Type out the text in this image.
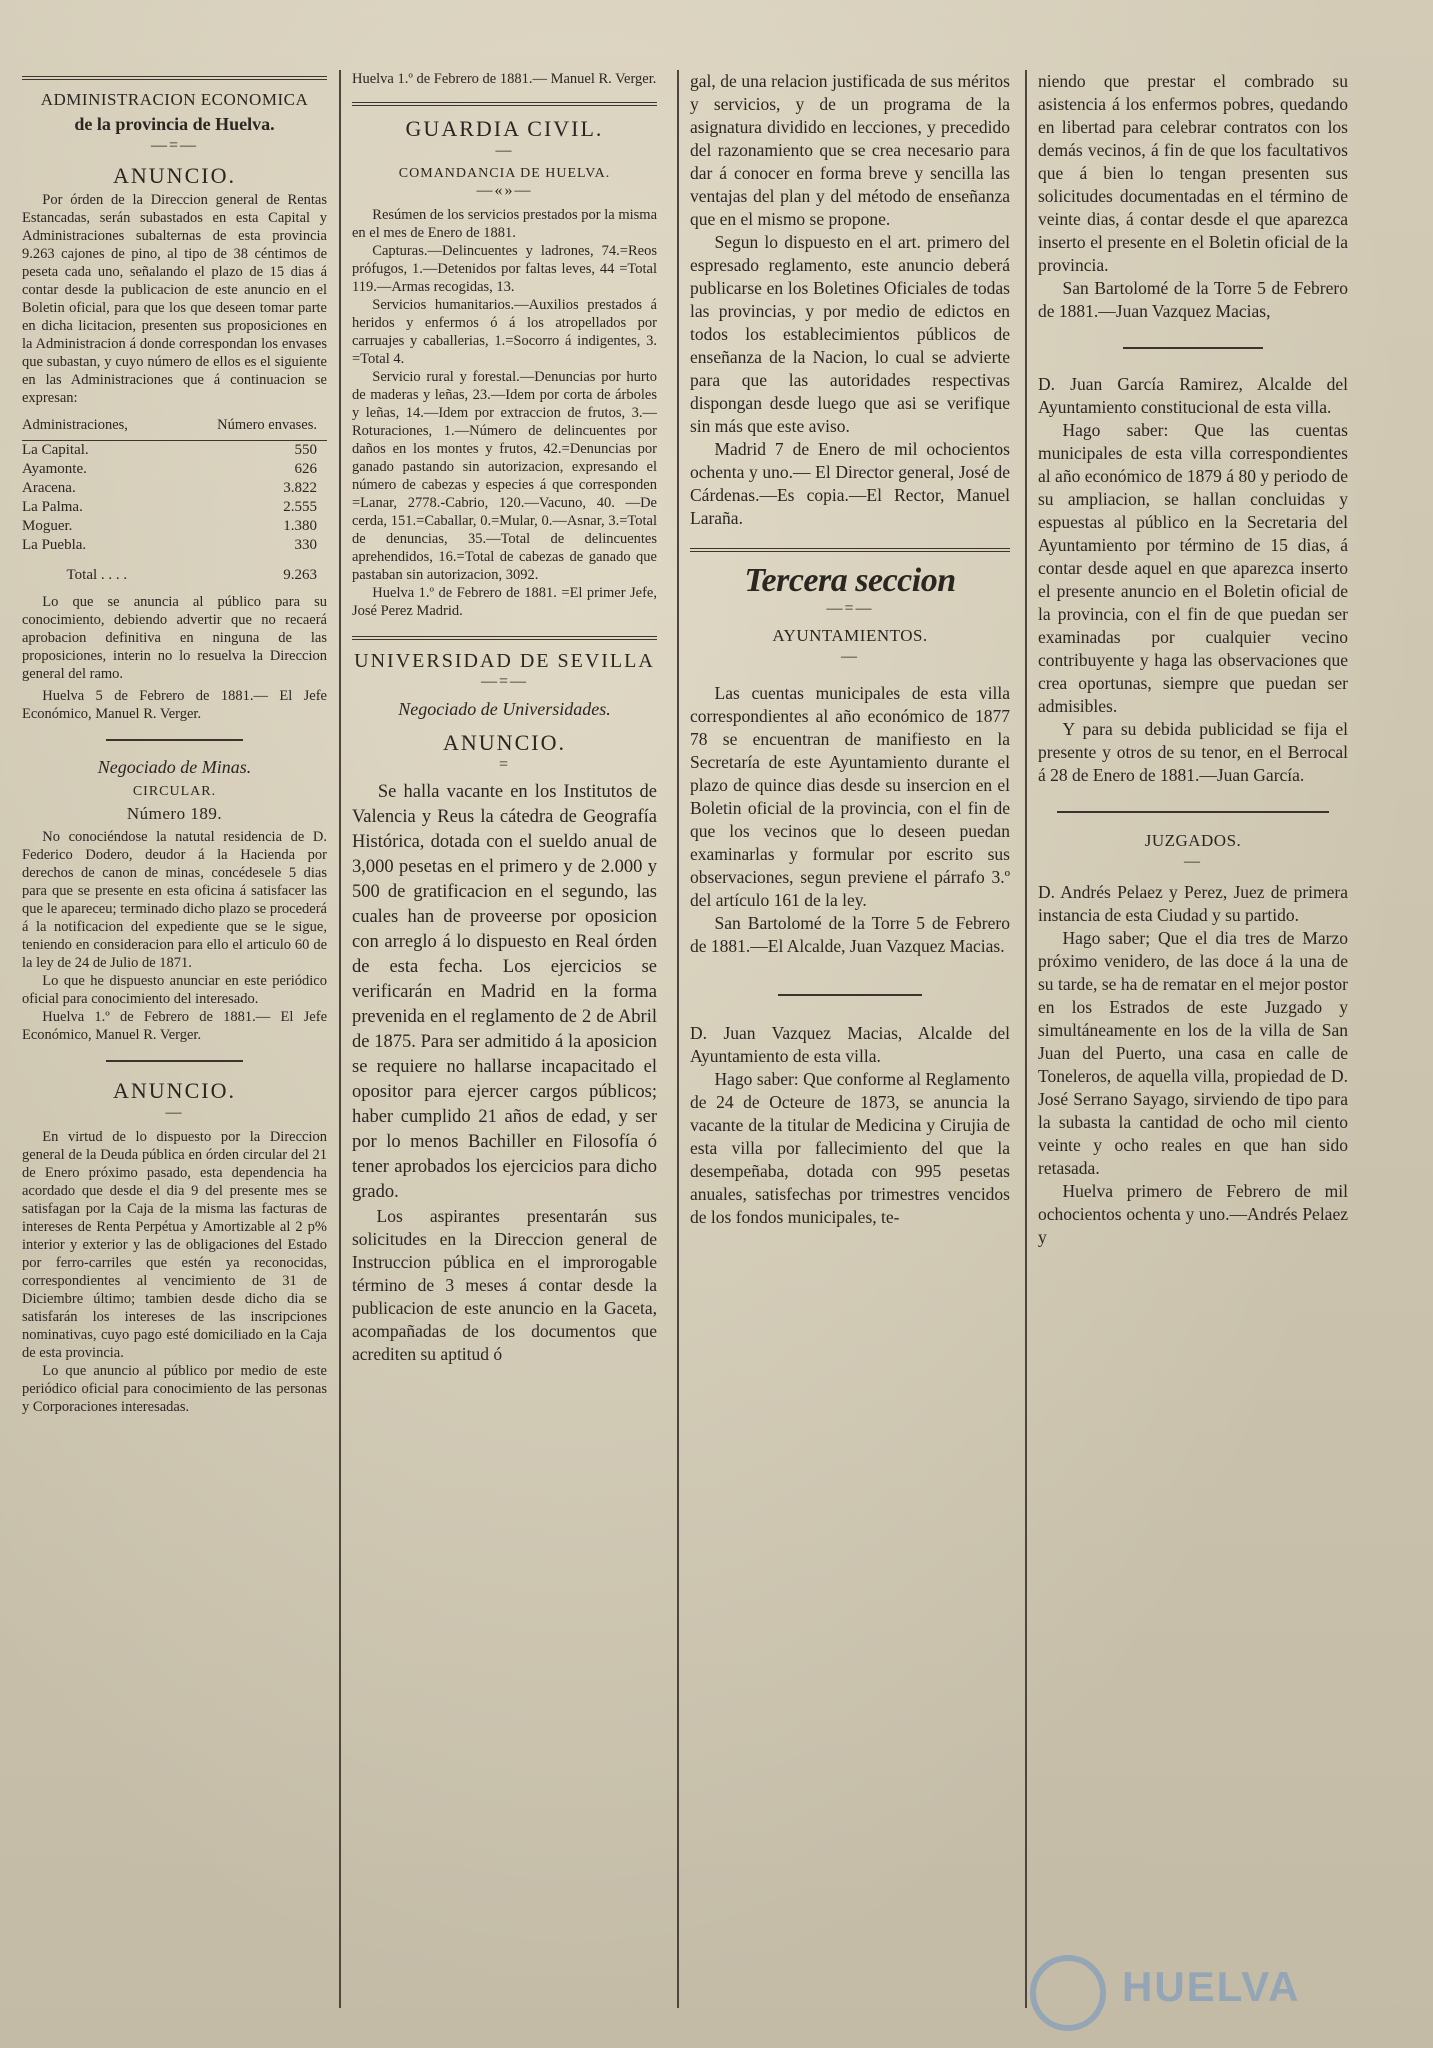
ADMINISTRACION ECONOMICA
de la provincia de Huelva.
—=—
ANUNCIO.

Por órden de la Direccion general de Rentas Estancadas, serán subastados en esta Capital y Administraciones subalternas de esta provincia 9.263 cajones de pino, al tipo de 38 céntimos de peseta cada uno, señalando el plazo de 15 dias á contar desde la publicacion de este anuncio en el Boletin oficial, para que los que deseen tomar parte en dicha licitacion, presenten sus proposiciones en la Administracion á donde correspondan los envases que subastan, y cuyo número de ellos es el siguiente en las Administraciones que á continuacion se expresan:

Administraciones,	Número envases.
La Capital.	550
Ayamonte.	626
Aracena.	3.822
La Palma.	2.555
Moguer.	1.380
La Puebla.	330
Total . . . .	9.263

Lo que se anuncia al público para su conocimiento, debiendo advertir que no recaerá aprobacion definitiva en ninguna de las proposiciones, interin no lo resuelva la Direccion general del ramo.

Huelva 5 de Febrero de 1881.— El Jefe Económico, Manuel R. Verger.

Negociado de Minas.
CIRCULAR.
Número 189.

No conociéndose la natutal residencia de D. Federico Dodero, deudor á la Hacienda por derechos de canon de minas, concédesele 5 dias para que se presente en esta oficina á satisfacer las que le apareceu; terminado dicho plazo se procederá á la notificacion del expediente que se le sigue, teniendo en consideracion para ello el articulo 60 de la ley de 24 de Julio de 1871.

Lo que he dispuesto anunciar en este periódico oficial para conocimiento del interesado.

Huelva 1.º de Febrero de 1881.— El Jefe Económico, Manuel R. Verger.

ANUNCIO.
—

En virtud de lo dispuesto por la Direccion general de la Deuda pública en órden circular del 21 de Enero próximo pasado, esta dependencia ha acordado que desde el dia 9 del presente mes se satisfagan por la Caja de la misma las facturas de intereses de Renta Perpétua y Amortizable al 2 p% interior y exterior y las de obligaciones del Estado por ferro-carriles que estén ya reconocidas, correspondientes al vencimiento de 31 de Diciembre último; tambien desde dicho dia se satisfarán los intereses de las inscripciones nominativas, cuyo pago esté domiciliado en la Caja de esta provincia.

Lo que anuncio al público por medio de este periódico oficial para conocimiento de las personas y Corporaciones interesadas.

Huelva 1.º de Febrero de 1881.— Manuel R. Verger.

GUARDIA CIVIL.
—
COMANDANCIA DE HUELVA.
—«»—

Resúmen de los servicios prestados por la misma en el mes de Enero de 1881.

Capturas.—Delincuentes y ladrones, 74.=Reos prófugos, 1.—Detenidos por faltas leves, 44 =Total 119.—Armas recogidas, 13.

Servicios humanitarios.—Auxilios prestados á heridos y enfermos ó á los atropellados por carruajes y caballerias, 1.=Socorro á indigentes, 3. =Total 4.

Servicio rural y forestal.—Denuncias por hurto de maderas y leñas, 23.—Idem por corta de árboles y leñas, 14.—Idem por extraccion de frutos, 3.—Roturaciones, 1.—Número de delincuentes por daños en los montes y frutos, 42.=Denuncias por ganado pastando sin autorizacion, expresando el número de cabezas y especies á que corresponden =Lanar, 2778.-Cabrio, 120.—Vacuno, 40. —De cerda, 151.=Caballar, 0.=Mular, 0.—Asnar, 3.=Total de denuncias, 35.—Total de delincuentes aprehendidos, 16.=Total de cabezas de ganado que pastaban sin autorizacion, 3092.

Huelva 1.º de Febrero de 1881. =El primer Jefe, José Perez Madrid.

UNIVERSIDAD DE SEVILLA
—=—
Negociado de Universidades.
ANUNCIO.
=

Se halla vacante en los Institutos de Valencia y Reus la cátedra de Geografía Histórica, dotada con el sueldo anual de 3,000 pesetas en el primero y de 2.000 y 500 de gratificacion en el segundo, las cuales han de proveerse por oposicion con arreglo á lo dispuesto en Real órden de esta fecha. Los ejercicios se verificarán en Madrid en la forma prevenida en el reglamento de 2 de Abril de 1875. Para ser admitido á la aposicion se requiere no hallarse incapacitado el opositor para ejercer cargos públicos; haber cumplido 21 años de edad, y ser por lo menos Bachiller en Filosofía ó tener aprobados los ejercicios para dicho grado.

Los aspirantes presentarán sus solicitudes en la Direccion general de Instruccion pública en el improrogable término de 3 meses á contar desde la publicacion de este anuncio en la Gaceta, acompañadas de los documentos que acrediten su aptitud ó

gal, de una relacion justificada de sus méritos y servicios, y de un programa de la asignatura dividido en lecciones, y precedido del razonamiento que se crea necesario para dar á conocer en forma breve y sencilla las ventajas del plan y del método de enseñanza que en el mismo se propone.

Segun lo dispuesto en el art. primero del espresado reglamento, este anuncio deberá publicarse en los Boletines Oficiales de todas las provincias, y por medio de edictos en todos los establecimientos públicos de enseñanza de la Nacion, lo cual se advierte para que las autoridades respectivas dispongan desde luego que asi se verifique sin más que este aviso.

Madrid 7 de Enero de mil ochocientos ochenta y uno.— El Director general, José de Cárdenas.—Es copia.—El Rector, Manuel Laraña.

Tercera seccion
—=—
AYUNTAMIENTOS.
—

Las cuentas municipales de esta villa correspondientes al año económico de 1877 78 se encuentran de manifiesto en la Secretaría de este Ayuntamiento durante el plazo de quince dias desde su insercion en el Boletin oficial de la provincia, con el fin de que los vecinos que lo deseen puedan examinarlas y formular por escrito sus observaciones, segun previene el párrafo 3.º del artículo 161 de la ley.

San Bartolomé de la Torre 5 de Febrero de 1881.—El Alcalde, Juan Vazquez Macias.

D. Juan Vazquez Macias, Alcalde del Ayuntamiento de esta villa.

Hago saber: Que conforme al Reglamento de 24 de Octeure de 1873, se anuncia la vacante de la titular de Medicina y Cirujia de esta villa por fallecimiento del que la desempeñaba, dotada con 995 pesetas anuales, satisfechas por trimestres vencidos de los fondos municipales, te-

niendo que prestar el combrado su asistencia á los enfermos pobres, quedando en libertad para celebrar contratos con los demás vecinos, á fin de que los facultativos que á bien lo tengan presenten sus solicitudes documentadas en el término de veinte dias, á contar desde el que aparezca inserto el presente en el Boletin oficial de la provincia.

San Bartolomé de la Torre 5 de Febrero de 1881.—Juan Vazquez Macias,

D. Juan García Ramirez, Alcalde del Ayuntamiento constitucional de esta villa.

Hago saber: Que las cuentas municipales de esta villa correspondientes al año económico de 1879 á 80 y periodo de su ampliacion, se hallan concluidas y espuestas al público en la Secretaria del Ayuntamiento por término de 15 dias, á contar desde aquel en que aparezca inserto el presente anuncio en el Boletin oficial de la provincia, con el fin de que puedan ser examinadas por cualquier vecino contribuyente y haga las observaciones que crea oportunas, siempre que puedan ser admisibles.

Y para su debida publicidad se fija el presente y otros de su tenor, en el Berrocal á 28 de Enero de 1881.—Juan García.

JUZGADOS.
—

D. Andrés Pelaez y Perez, Juez de primera instancia de esta Ciudad y su partido.

Hago saber; Que el dia tres de Marzo próximo venidero, de las doce á la una de su tarde, se ha de rematar en el mejor postor en los Estrados de este Juzgado y simultáneamente en los de la villa de San Juan del Puerto, una casa en calle de Toneleros, de aquella villa, propiedad de D. José Serrano Sayago, sirviendo de tipo para la subasta la cantidad de ocho mil ciento veinte y ocho reales en que han sido retasada.

Huelva primero de Febrero de mil ochocientos ochenta y uno.—Andrés Pelaez y

HUELVA
